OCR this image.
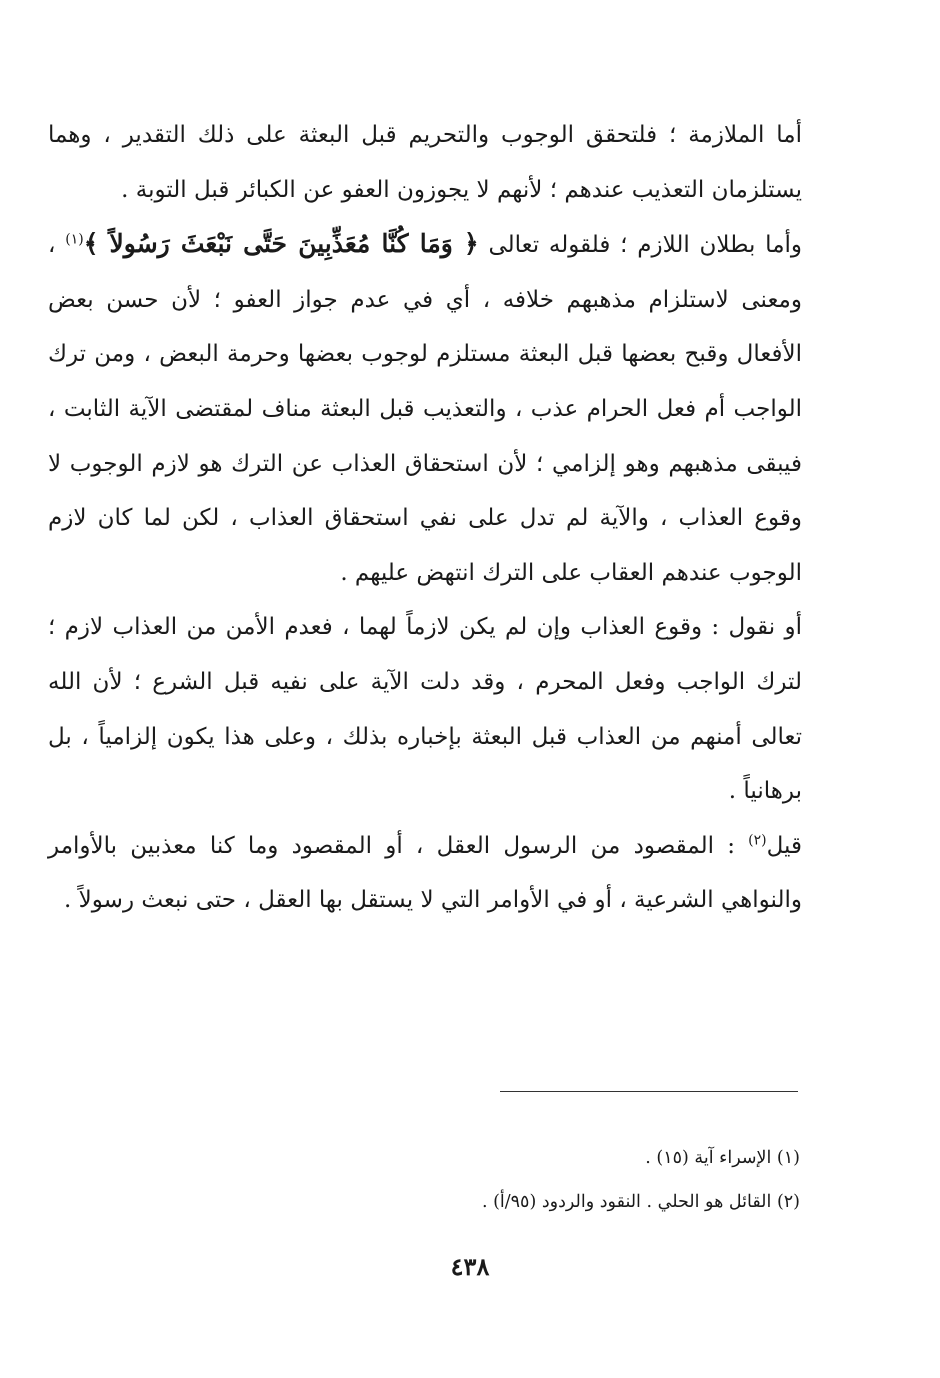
أما الملازمة ؛ فلتحقق الوجوب والتحريم قبل البعثة على ذلك التقدير ، وهما يستلزمان التعذيب عندهم ؛ لأنهم لا يجوزون العفو عن الكبائر قبل التوبة .

وأما بطلان اللازم ؛ فلقوله تعالى ﴿ وَمَا كُنَّا مُعَذِّبِينَ حَتَّى نَبْعَثَ رَسُولاً ﴾$^{(١)}$ ، ومعنى لاستلزام مذهبهم خلافه ، أي في عدم جواز العفو ؛ لأن حسن بعض الأفعال وقبح بعضها قبل البعثة مستلزم لوجوب بعضها وحرمة البعض ، ومن ترك الواجب أم فعل الحرام عذب ، والتعذيب قبل البعثة مناف لمقتضى الآية الثابت ، فيبقى مذهبهم وهو إلزامي ؛ لأن استحقاق العذاب عن الترك هو لازم الوجوب لا وقوع العذاب ، والآية لم تدل على نفي استحقاق العذاب ، لكن لما كان لازم الوجوب عندهم العقاب على الترك انتهض عليهم .

أو نقول : وقوع العذاب وإن لم يكن لازماً لهما ، فعدم الأمن من العذاب لازم ؛ لترك الواجب وفعل المحرم ، وقد دلت الآية على نفيه قبل الشرع ؛ لأن الله تعالى أمنهم من العذاب قبل البعثة بإخباره بذلك ، وعلى هذا يكون إلزامياً ، بل برهانياً .

قيل$^{(٢)}$ : المقصود من الرسول العقل ، أو المقصود وما كنا معذبين بالأوامر والنواهي الشرعية ، أو في الأوامر التي لا يستقل بها العقل ، حتى نبعث رسولاً .

(١) الإسراء آية (١٥) .
(٢) القائل هو الحلي . النقود والردود (٩٥/أ) .
٤٣٨
